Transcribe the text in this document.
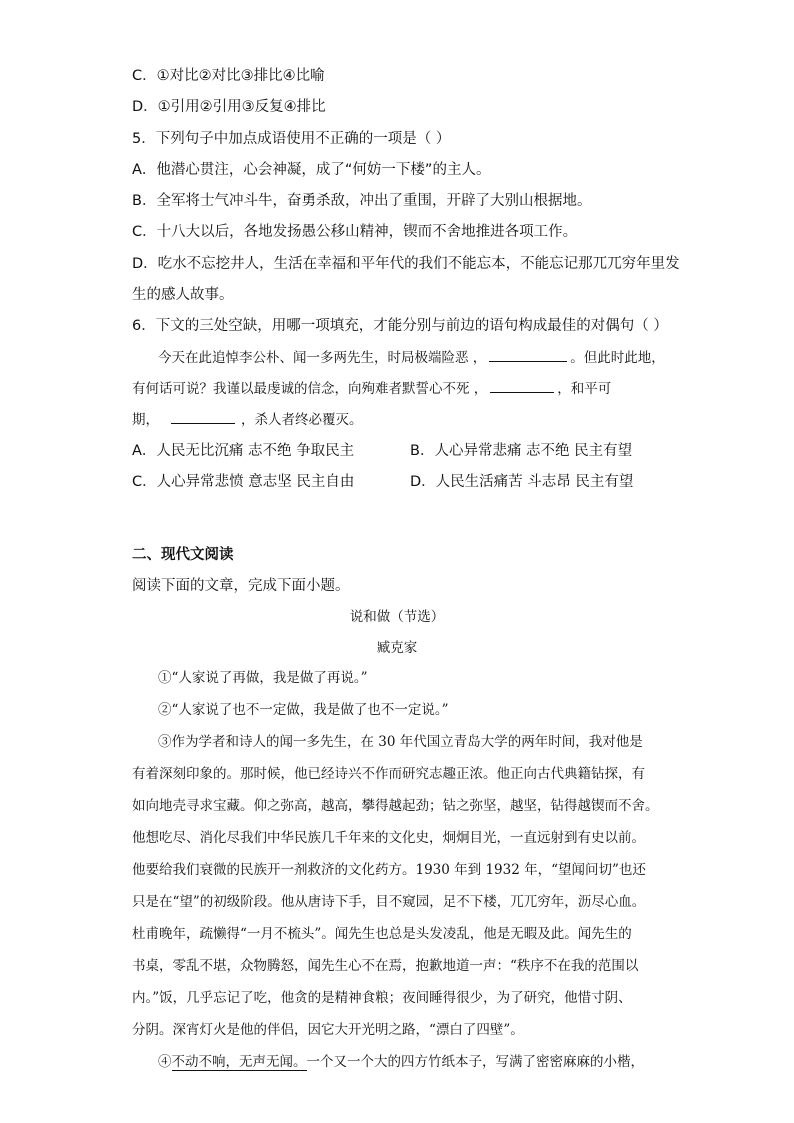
C．①对比②对比③排比④比喻
D．①引用②引用③反复④排比
5．下列句子中加点成语使用不正确的一项是（ ）
A．他潜心贯注，心会神凝，成了“何妨一下楼”的主人。
B．全军将士气冲斗牛，奋勇杀敌，冲出了重围，开辟了大别山根据地。
C．十八大以后，各地发扬愚公移山精神，锲而不舍地推进各项工作。
D．吃水不忘挖井人，生活在幸福和平年代的我们不能忘本，不能忘记那兀兀穷年里发
生的感人故事。
6．下文的三处空缺，用哪一项填充，才能分别与前边的语句构成最佳的对偶句（ ）
今天在此追悼李公朴、闻一多两先生，时局极端险恶 ，	。但此时此地，
有何话可说？我谨以最虔诚的信念，向殉难者默誓心不死 ，	，和平可
期，	，杀人者终必覆灭。
A．人民无比沉痛 志不绝 争取民主	B．人心异常悲痛 志不绝 民主有望
C．人心异常悲愤 意志坚 民主自由	D．人民生活痛苦 斗志昂 民主有望
二、现代文阅读
阅读下面的文章，完成下面小题。
说和做（节选）
臧克家
①“人家说了再做，我是做了再说。”
②“人家说了也不一定做，我是做了也不一定说。”
③作为学者和诗人的闻一多先生，在 30 年代国立青岛大学的两年时间，我对他是
有着深刻印象的。那时候，他已经诗兴不作而研究志趣正浓。他正向古代典籍钻探，有
如向地壳寻求宝藏。仰之弥高，越高，攀得越起劲；钻之弥坚，越坚，钻得越锲而不舍。
他想吃尽、消化尽我们中华民族几千年来的文化史，炯炯目光，一直远射到有史以前。
他要给我们衰微的民族开一剂救济的文化药方。1930 年到 1932 年，“望闻问切”也还
只是在“望”的初级阶段。他从唐诗下手，目不窥园，足不下楼，兀兀穷年，沥尽心血。
杜甫晚年，疏懒得“一月不梳头”。闻先生也总是头发凌乱，他是无暇及此。闻先生的
书桌，零乱不堪，众物腾怒，闻先生心不在焉，抱歉地道一声：“秩序不在我的范围以
内。”饭，几乎忘记了吃，他贪的是精神食粮；夜间睡得很少，为了研究，他惜寸阴、
分阴。深宵灯火是他的伴侣，因它大开光明之路，“漂白了四壁”。
④不动不响，无声无闻。一个又一个大的四方竹纸本子，写满了密密麻麻的小楷，
